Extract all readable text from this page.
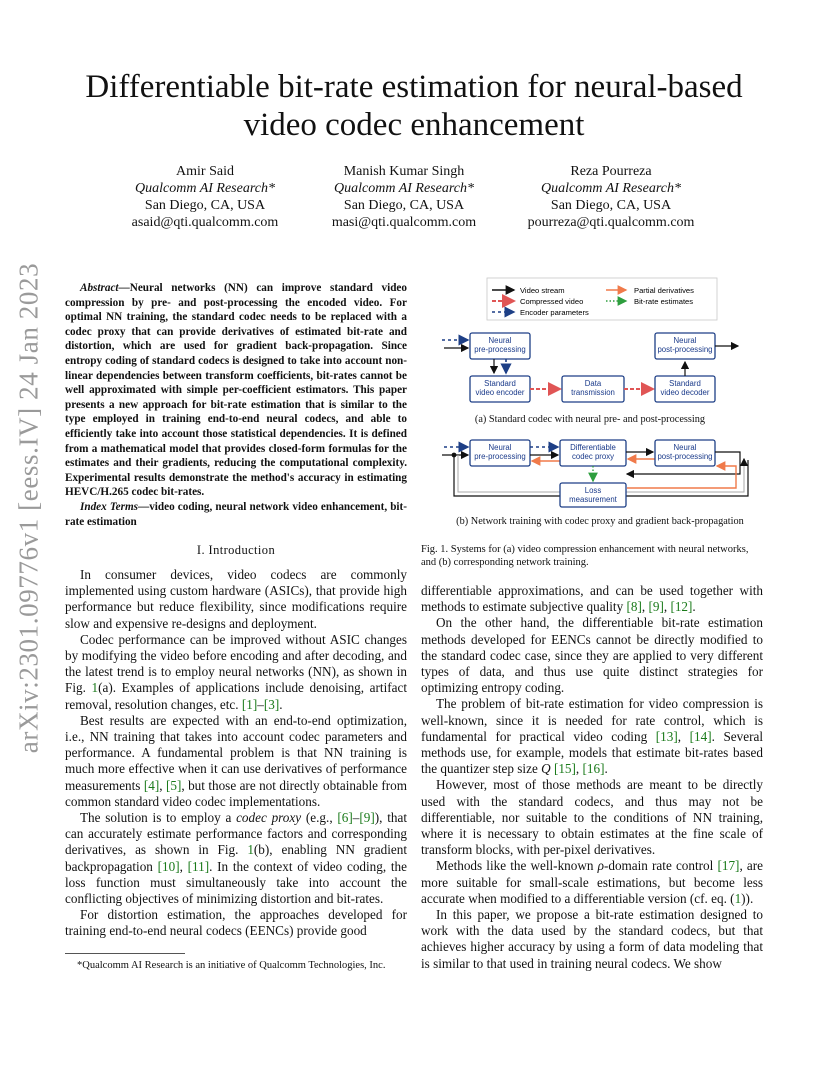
arXiv:2301.09776v1 [eess.IV] 24 Jan 2023
Differentiable bit-rate estimation for neural-based
video codec enhancement
Amir Said
Qualcomm AI Research*
San Diego, CA, USA
asaid@qti.qualcomm.com
Manish Kumar Singh
Qualcomm AI Research*
San Diego, CA, USA
masi@qti.qualcomm.com
Reza Pourreza
Qualcomm AI Research*
San Diego, CA, USA
pourreza@qti.qualcomm.com
Abstract—Neural networks (NN) can improve standard video compression by pre- and post-processing the encoded video. For optimal NN training, the standard codec needs to be replaced with a codec proxy that can provide derivatives of estimated bit-rate and distortion, which are used for gradient back-propagation. Since entropy coding of standard codecs is designed to take into account non-linear dependencies between transform coefficients, bit-rates cannot be well approximated with simple per-coefficient estimators. This paper presents a new approach for bit-rate estimation that is similar to the type employed in training end-to-end neural codecs, and able to efficiently take into account those statistical dependencies. It is defined from a mathematical model that provides closed-form formulas for the estimates and their gradients, reducing the computational complexity. Experimental results demonstrate the method's accuracy in estimating HEVC/H.265 codec bit-rates.
Index Terms—video coding, neural network video enhancement, bit-rate estimation
I. Introduction

In consumer devices, video codecs are commonly implemented using custom hardware (ASICs), that provide high performance but reduce flexibility, since modifications require slow and expensive re-designs and deployment.

Codec performance can be improved without ASIC changes by modifying the video before encoding and after decoding, and the latest trend is to employ neural networks (NN), as shown in Fig. 1(a). Examples of applications include denoising, artifact removal, resolution changes, etc. [1]–[3].

Best results are expected with an end-to-end optimization, i.e., NN training that takes into account codec parameters and performance. A fundamental problem is that NN training is much more effective when it can use derivatives of performance measurements [4], [5], but those are not directly obtainable from common standard video codec implementations.

The solution is to employ a codec proxy (e.g., [6]–[9]), that can accurately estimate performance factors and corresponding derivatives, as shown in Fig. 1(b), enabling NN gradient backpropagation [10], [11]. In the context of video coding, the loss function must simultaneously take into account the conflicting objectives of minimizing distortion and bit-rates.

For distortion estimation, the approaches developed for training end-to-end neural codecs (EENCs) provide good

*Qualcomm AI Research is an initiative of Qualcomm Technologies, Inc.
Video stream
Compressed video
Encoder parameters
Partial derivatives
Bit-rate estimates
Neural
pre-processing
Standard
video encoder
Data
transmission
Standard
video decoder
Neural
post-processing
Neural
pre-processing
Differentiable
codec proxy
Neural
post-processing
Loss
measurement
(a) Standard codec with neural pre- and post-processing
(b) Network training with codec proxy and gradient back-propagation
Fig. 1. Systems for (a) video compression enhancement with neural networks, and (b) corresponding network training.

differentiable approximations, and can be used together with methods to estimate subjective quality [8], [9], [12].

On the other hand, the differentiable bit-rate estimation methods developed for EENCs cannot be directly modified to the standard codec case, since they are applied to very different types of data, and thus use quite distinct strategies for optimizing entropy coding.

The problem of bit-rate estimation for video compression is well-known, since it is needed for rate control, which is fundamental for practical video coding [13], [14]. Several methods use, for example, models that estimate bit-rates based the quantizer step size Q [15], [16].

However, most of those methods are meant to be directly used with the standard codecs, and thus may not be differentiable, nor suitable to the conditions of NN training, where it is necessary to obtain estimates at the fine scale of transform blocks, with per-pixel derivatives.

Methods like the well-known ρ-domain rate control [17], are more suitable for small-scale estimations, but become less accurate when modified to a differentiable version (cf. eq. (1)).

In this paper, we propose a bit-rate estimation designed to work with the data used by the standard codecs, but that achieves higher accuracy by using a form of data modeling that is similar to that used in training neural codecs. We show
